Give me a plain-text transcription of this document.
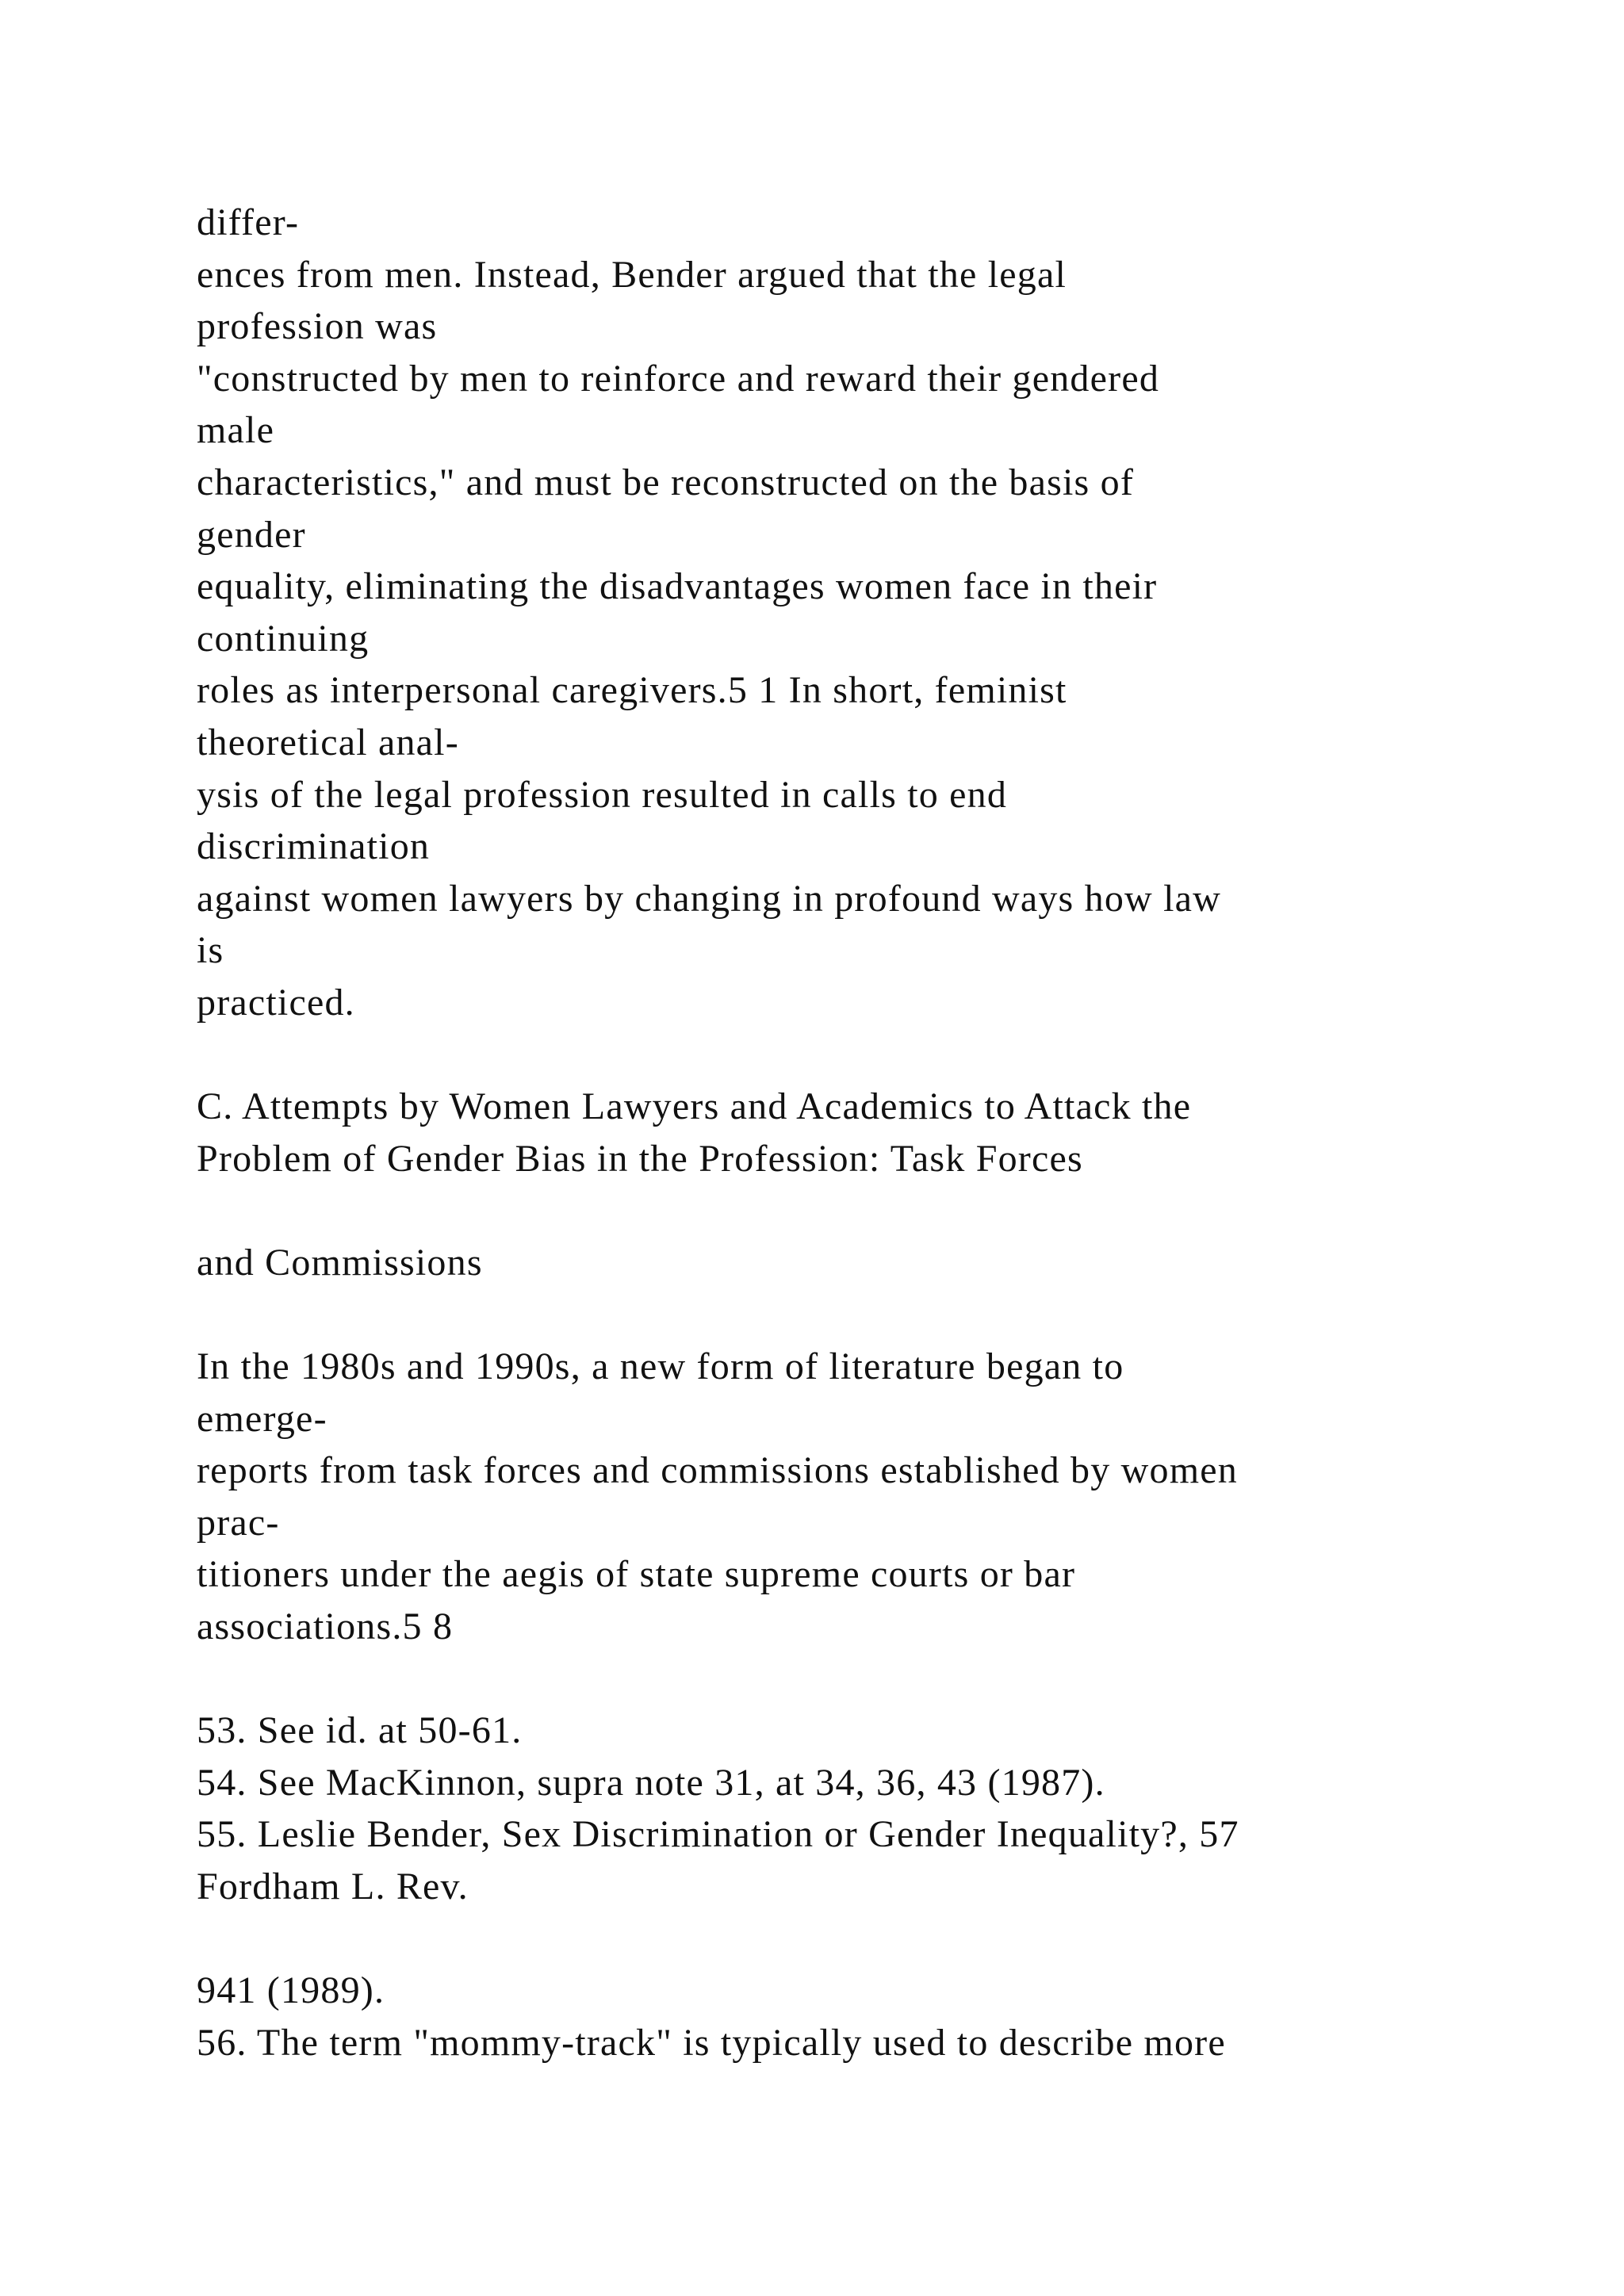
differ-
ences from men. Instead, Bender argued that the legal
profession was
"constructed by men to reinforce and reward their gendered
male
characteristics," and must be reconstructed on the basis of
gender
equality, eliminating the disadvantages women face in their
continuing
roles as interpersonal caregivers.5 1 In short, feminist
theoretical anal-
ysis of the legal profession resulted in calls to end
discrimination
against women lawyers by changing in profound ways how law
is
practiced.
C. Attempts by Women Lawyers and Academics to Attack the
Problem of Gender Bias in the Profession: Task Forces
and Commissions
In the 1980s and 1990s, a new form of literature began to
emerge-
reports from task forces and commissions established by women
prac-
titioners under the aegis of state supreme courts or bar
associations.5 8
53. See id. at 50-61.
54. See MacKinnon, supra note 31, at 34, 36, 43 (1987).
55. Leslie Bender, Sex Discrimination or Gender Inequality?, 57
Fordham L. Rev.
941 (1989).
56. The term "mommy-track" is typically used to describe more
